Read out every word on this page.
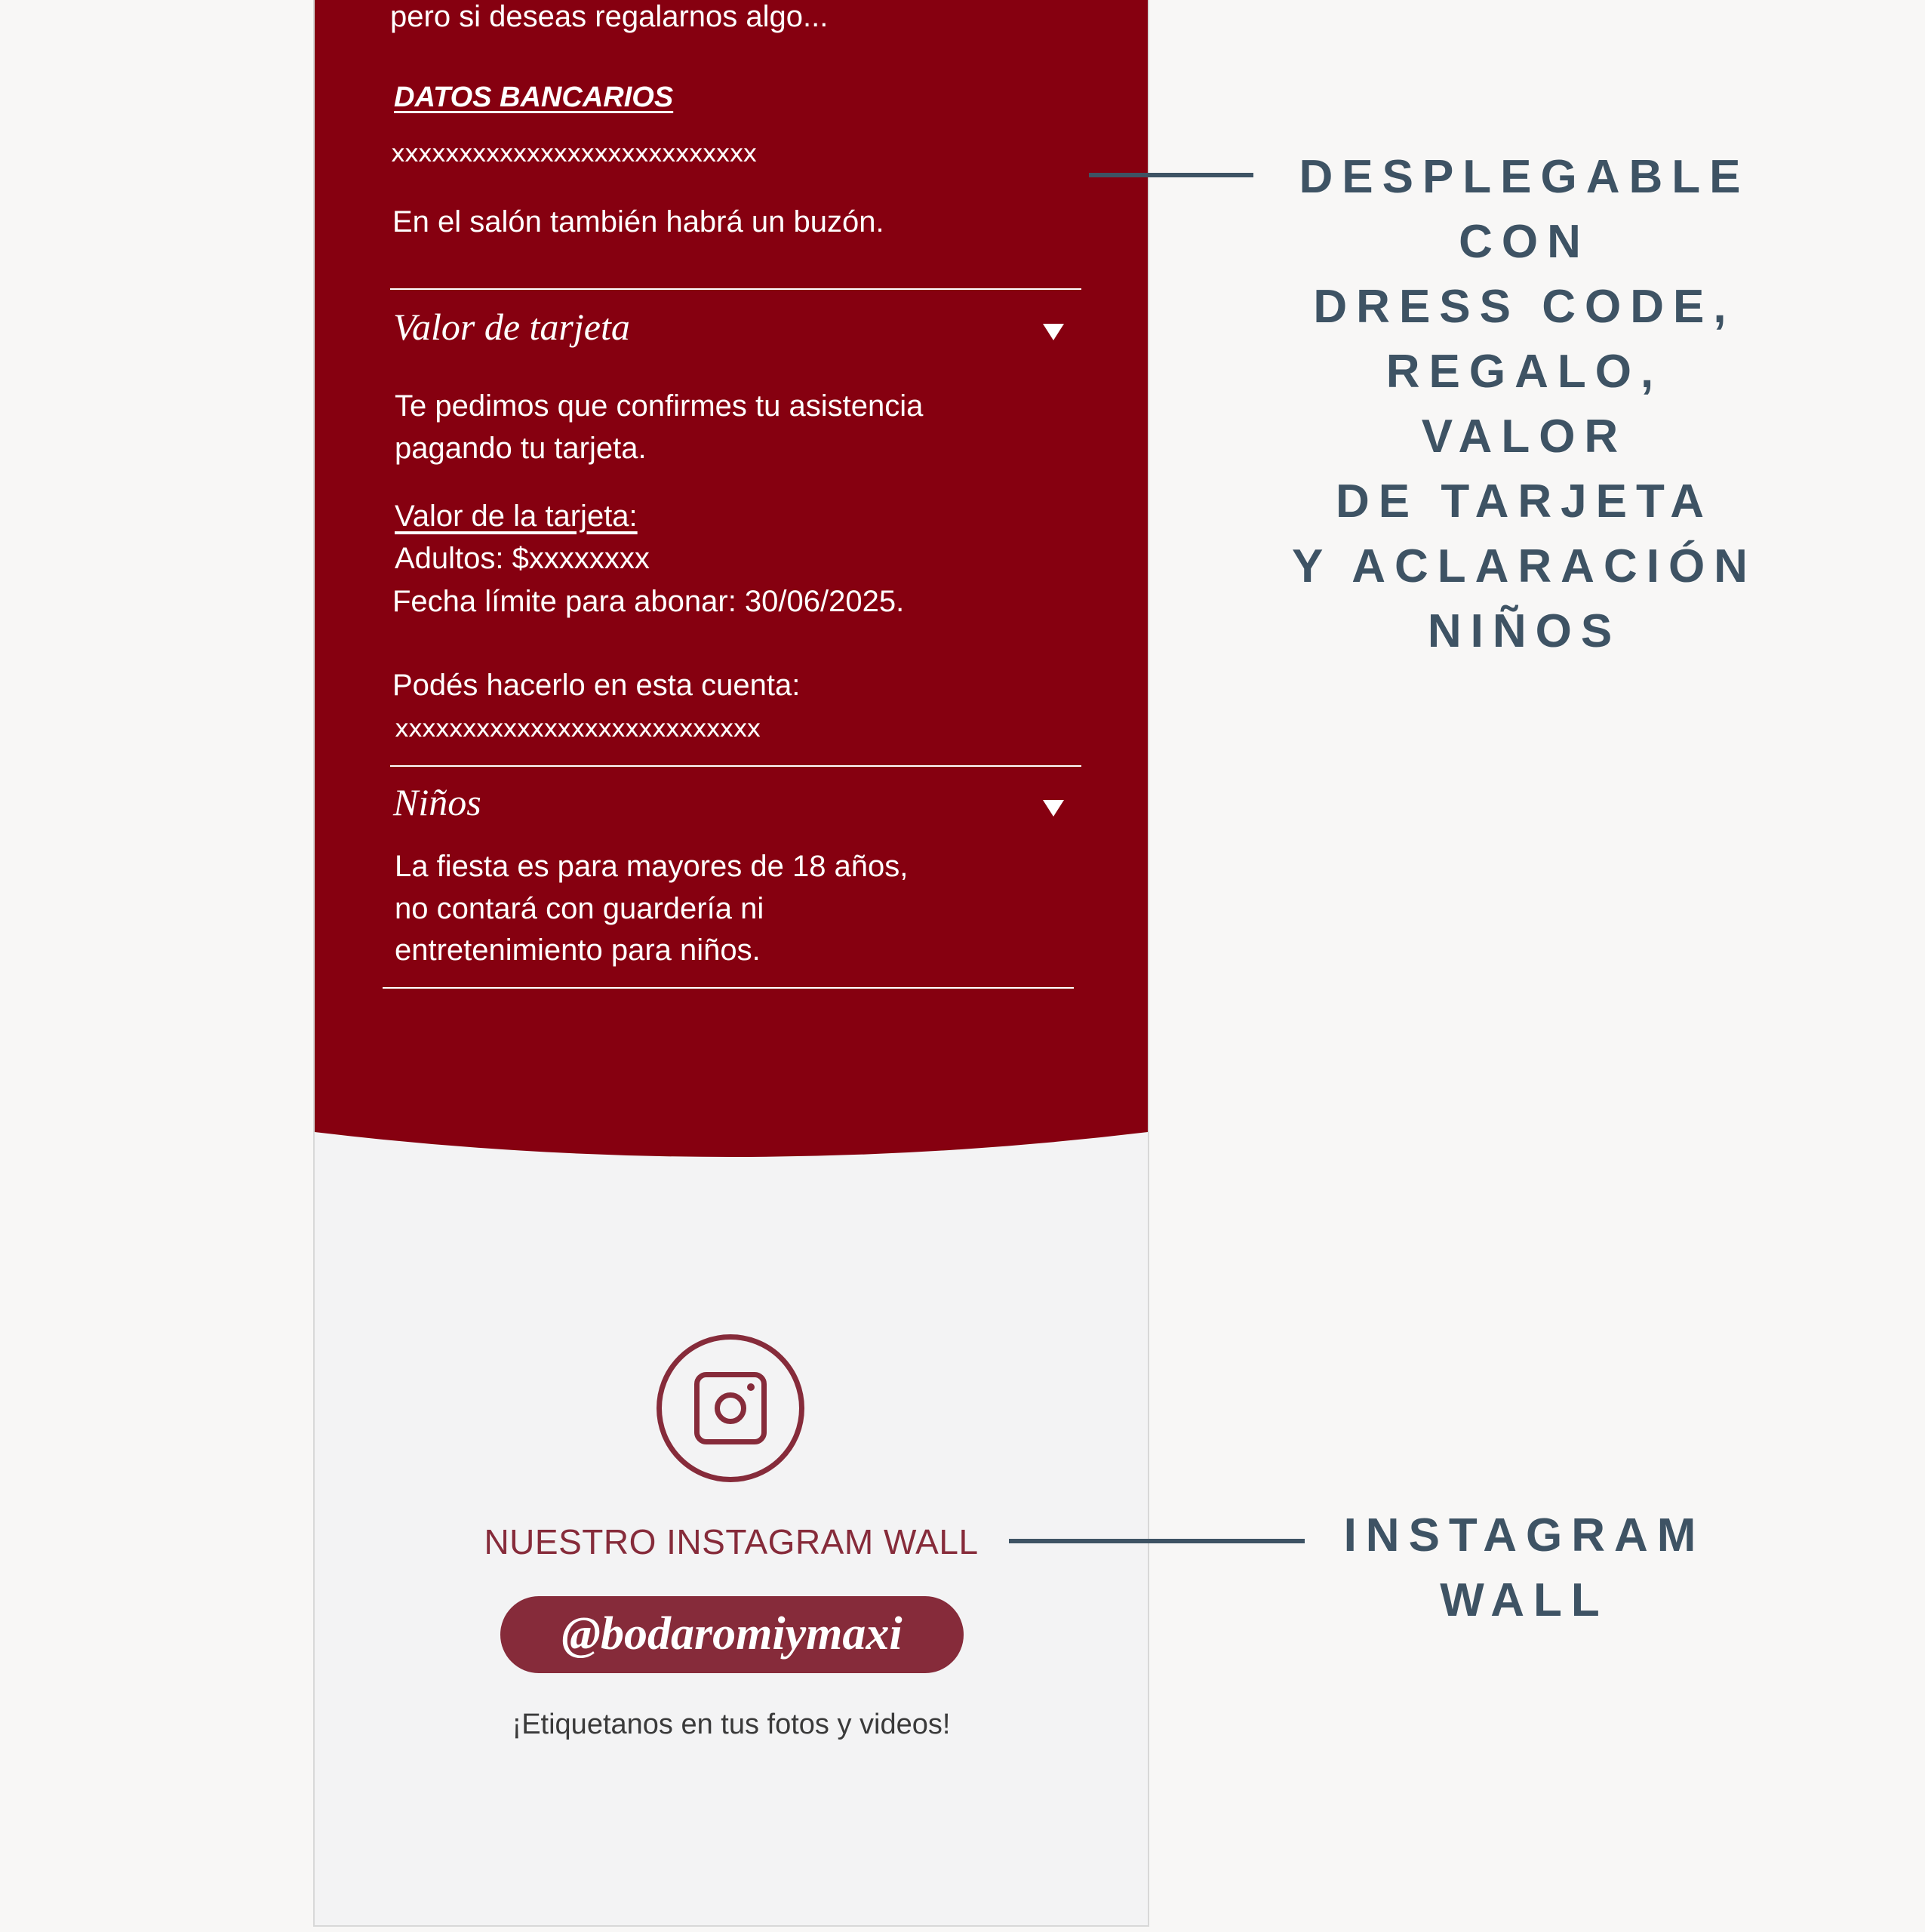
pero si deseas regalarnos algo...
DATOS BANCARIOS
xxxxxxxxxxxxxxxxxxxxxxxxxxx
En el salón también habrá un buzón.
Valor de tarjeta
Te pedimos que confirmes tu asistencia
pagando tu tarjeta.
Valor de la tarjeta:
Adultos: $xxxxxxxx
Fecha límite para abonar: 30/06/2025.
Podés hacerlo en esta cuenta:
xxxxxxxxxxxxxxxxxxxxxxxxxxx
Niños
La fiesta es para mayores de 18 años,
no contará con guardería ni
entretenimiento para niños.
NUESTRO INSTAGRAM WALL
@bodaromiymaxi
¡Etiquetanos en tus fotos y videos!
DESPLEGABLE
CON
DRESS CODE,
REGALO,
VALOR
DE TARJETA
Y ACLARACIÓN
NIÑOS
INSTAGRAM
WALL
